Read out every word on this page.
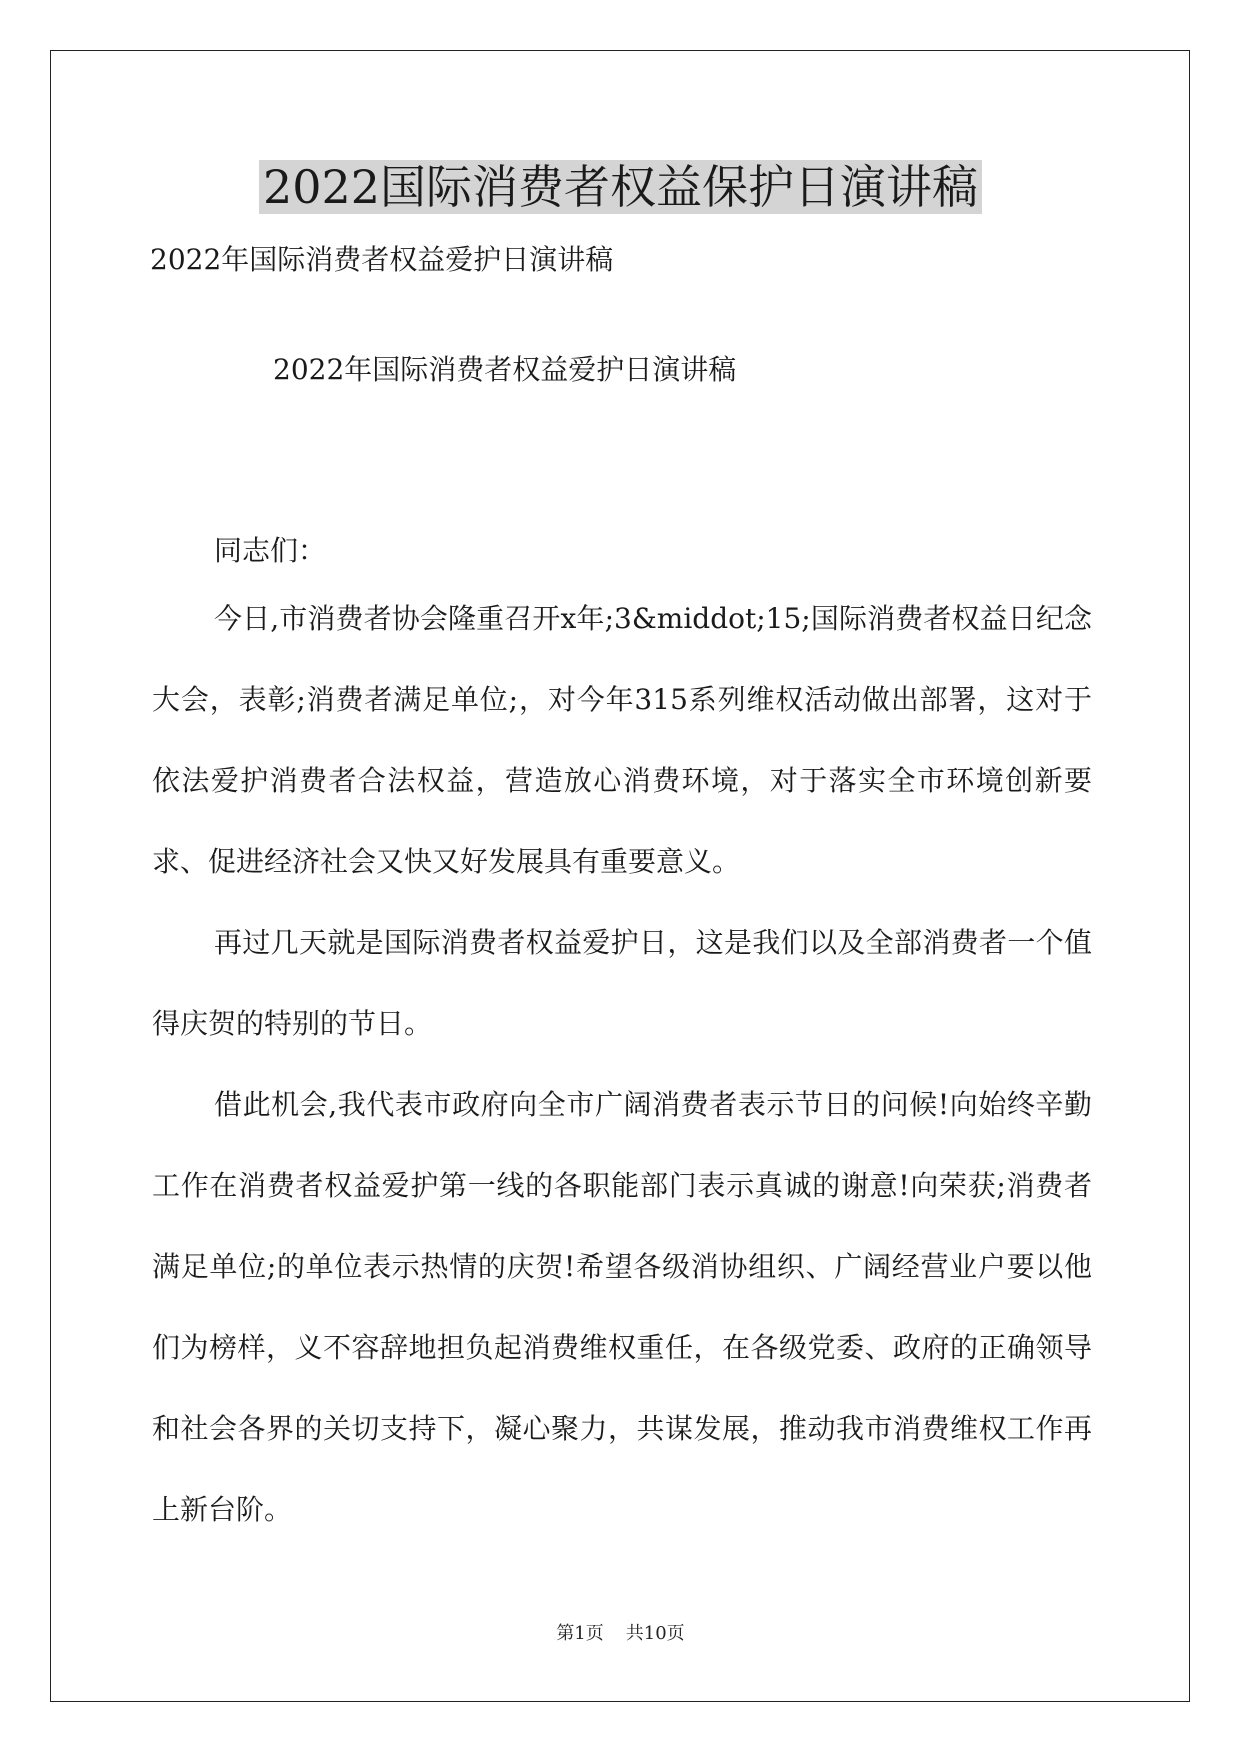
2022国际消费者权益保护日演讲稿
2022年国际消费者权益爱护日演讲稿
2022年国际消费者权益爱护日演讲稿

同志们：

今日,市消费者协会隆重召开x年;3&middot;15;国际消费者权益日纪念大会，表彰;消费者满足单位;，对今年315系列维权活动做出部署，这对于依法爱护消费者合法权益，营造放心消费环境，对于落实全市环境创新要求、促进经济社会又快又好发展具有重要意义。

再过几天就是国际消费者权益爱护日，这是我们以及全部消费者一个值得庆贺的特别的节日。

借此机会,我代表市政府向全市广阔消费者表示节日的问候!向始终辛勤工作在消费者权益爱护第一线的各职能部门表示真诚的谢意!向荣获;消费者满足单位;的单位表示热情的庆贺!希望各级消协组织、广阔经营业户要以他们为榜样，义不容辞地担负起消费维权重任，在各级党委、政府的正确领导和社会各界的关切支持下，凝心聚力，共谋发展，推动我市消费维权工作再上新台阶。

第1页 共10页
